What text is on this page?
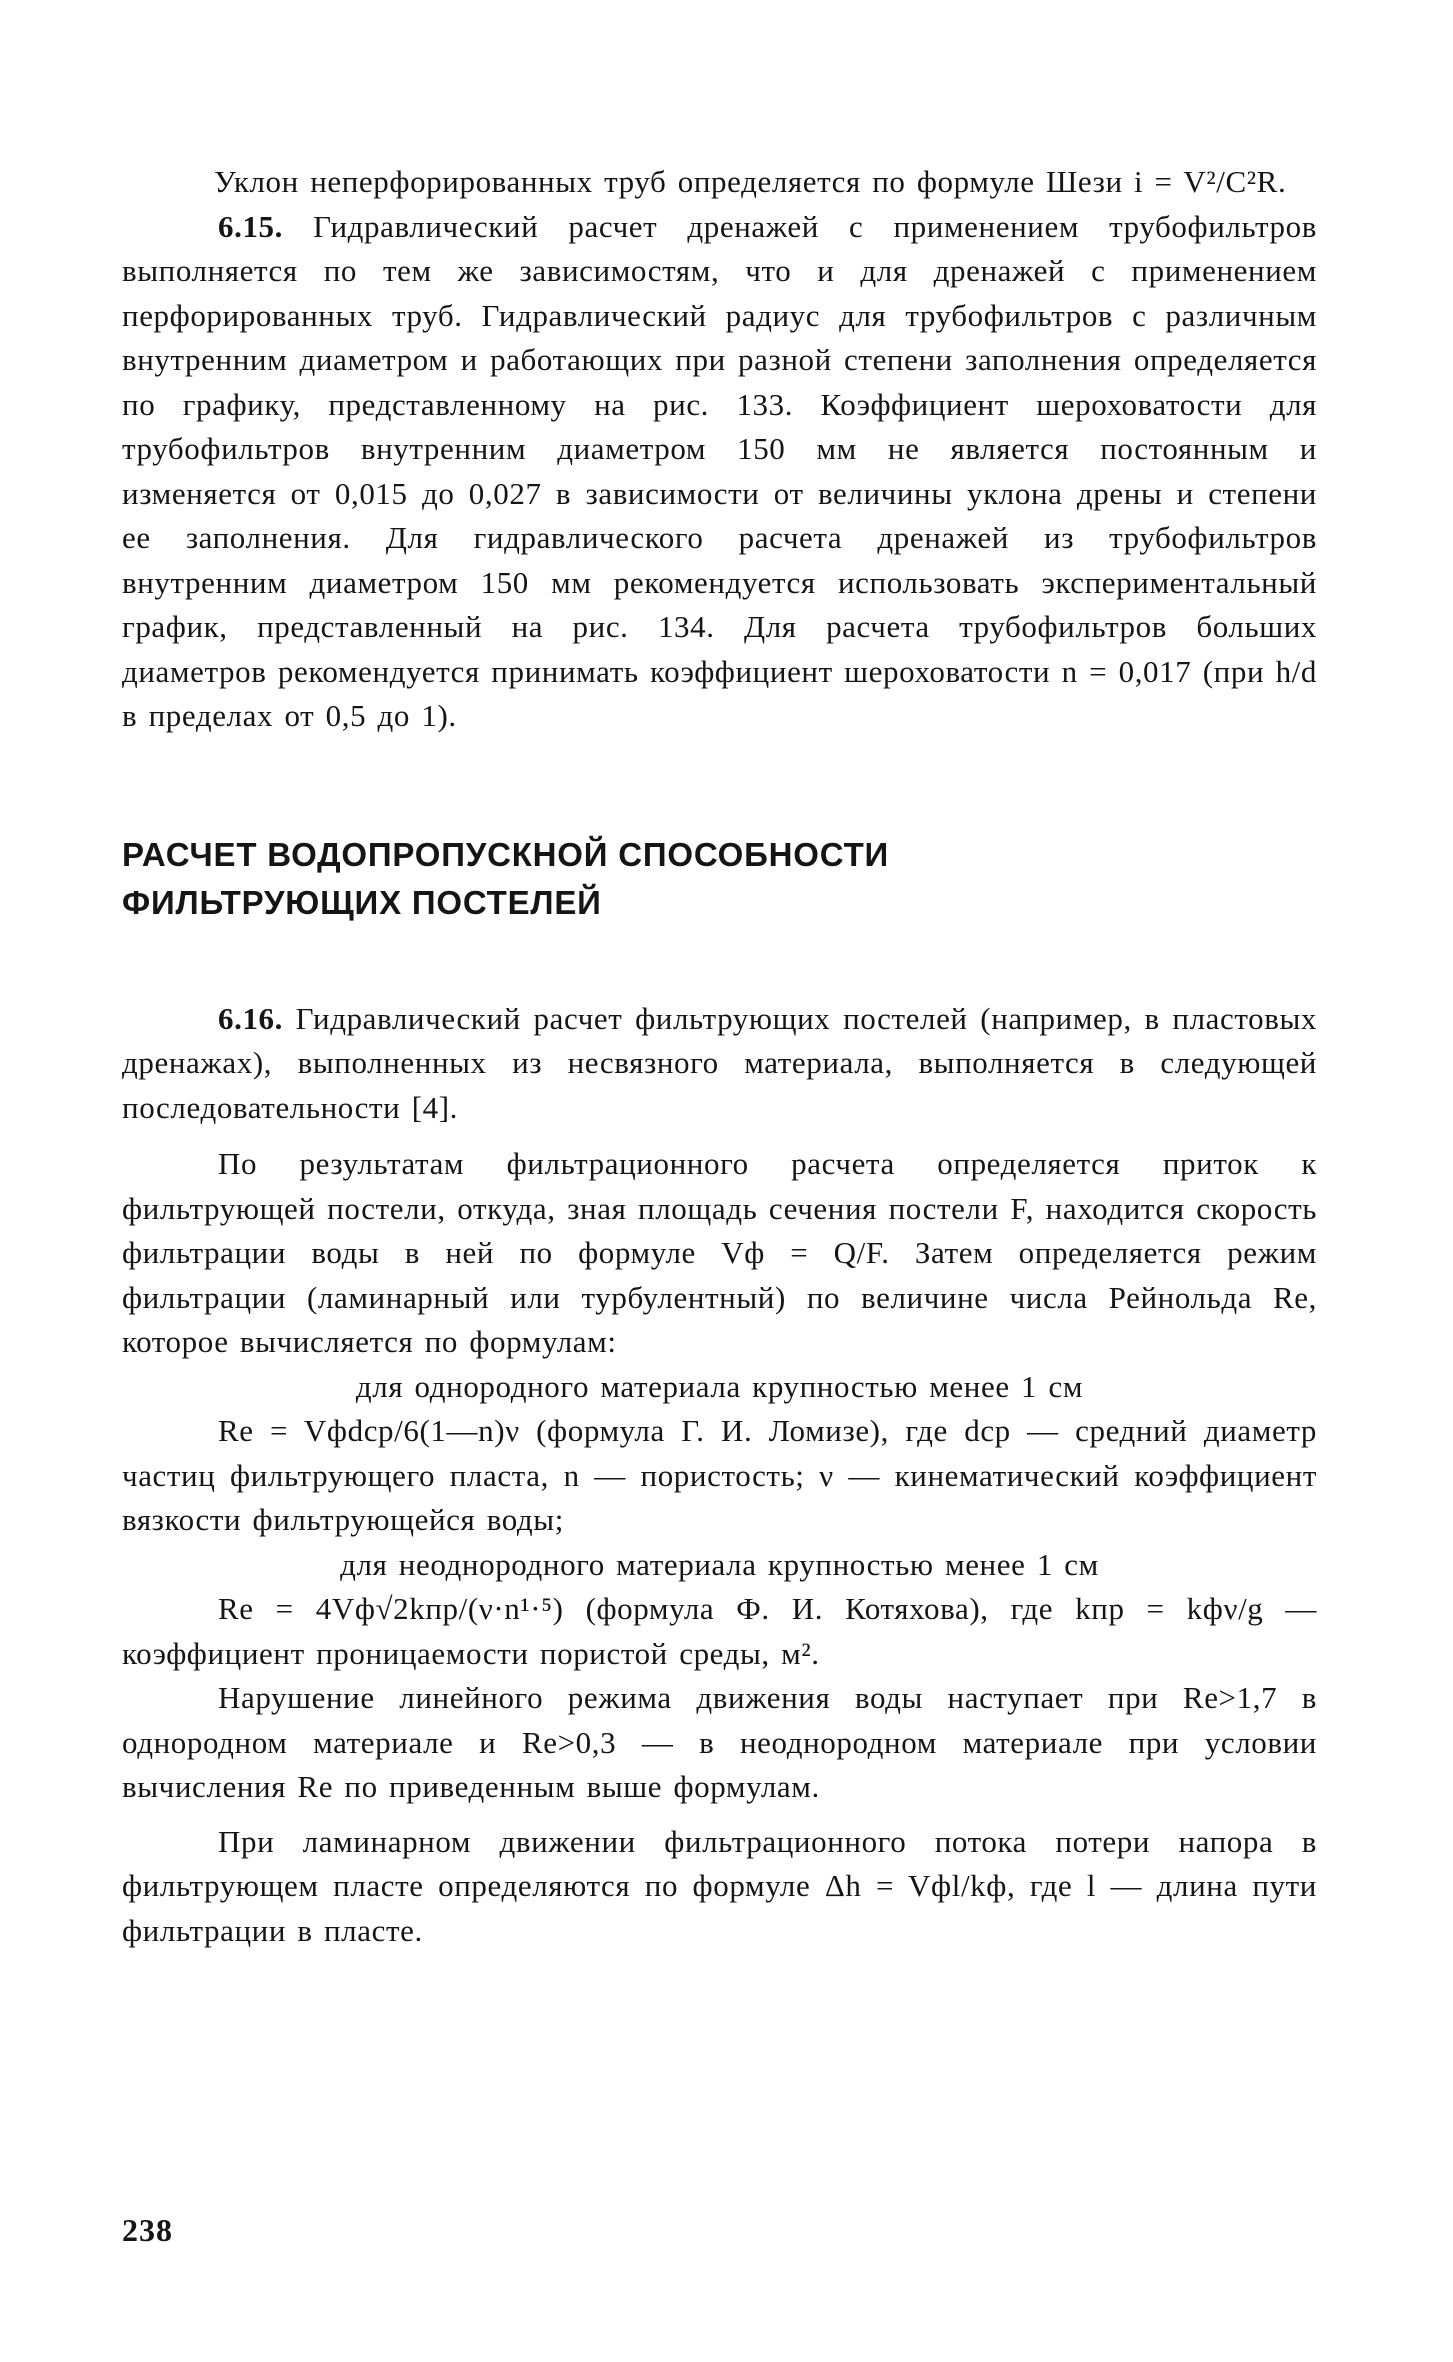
Уклон неперфорированных труб определяется по формуле Шези i = V²/C²R.

6.15. Гидравлический расчет дренажей с применением трубофильтров выполняется по тем же зависимостям, что и для дренажей с применением перфорированных труб. Гидравлический радиус для трубофильтров с различным внутренним диаметром и работающих при разной степени заполнения определяется по графику, представленному на рис. 133. Коэффициент шероховатости для трубофильтров внутренним диаметром 150 мм не является постоянным и изменяется от 0,015 до 0,027 в зависимости от величины уклона дрены и степени ее заполнения. Для гидравлического расчета дренажей из трубофильтров внутренним диаметром 150 мм рекомендуется использовать экспериментальный график, представленный на рис. 134. Для расчета трубофильтров больших диаметров рекомендуется принимать коэффициент шероховатости n = 0,017 (при h/d в пределах от 0,5 до 1).

РАСЧЕТ ВОДОПРОПУСКНОЙ СПОСОБНОСТИ
ФИЛЬТРУЮЩИХ ПОСТЕЛЕЙ

6.16. Гидравлический расчет фильтрующих постелей (например, в пластовых дренажах), выполненных из несвязного материала, выполняется в следующей последовательности [4].

По результатам фильтрационного расчета определяется приток к фильтрующей постели, откуда, зная площадь сечения постели F, находится скорость фильтрации воды в ней по формуле Vф = Q/F. Затем определяется режим фильтрации (ламинарный или турбулентный) по величине числа Рейнольда Re, которое вычисляется по формулам:

для однородного материала крупностью менее 1 см

Re = Vфdср/6(1—n)ν (формула Г. И. Ломизе), где dср — средний диаметр частиц фильтрующего пласта, n — пористость; ν — кинематический коэффициент вязкости фильтрующейся воды;

для неоднородного материала крупностью менее 1 см

Re = 4Vф√2kпр/(ν·n¹·⁵) (формула Ф. И. Котяхова), где kпр = kфν/g — коэффициент проницаемости пористой среды, м².

Нарушение линейного режима движения воды наступает при Re>1,7 в однородном материале и Re>0,3 — в неоднородном материале при условии вычисления Re по приведенным выше формулам.

При ламинарном движении фильтрационного потока потери напора в фильтрующем пласте определяются по формуле Δh = Vфl/kф, где l — длина пути фильтрации в пласте.

238
